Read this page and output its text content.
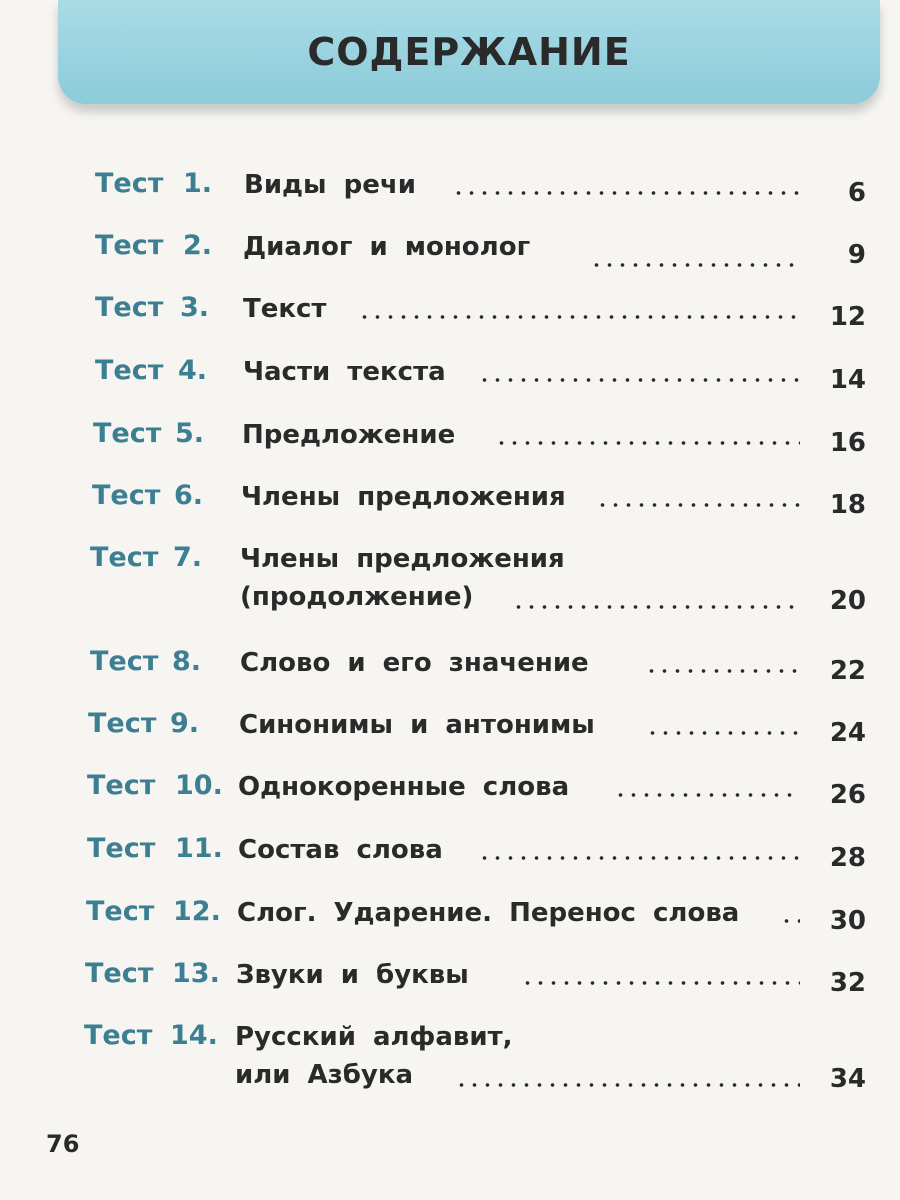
СОДЕРЖАНИЕ
Тест 1. Виды речи	6
Тест 2. Диалог и монолог	9
Тест 3. Текст	12
Тест 4. Части текста	14
Тест 5. Предложение	16
Тест 6. Члены предложения	18
Тест 7. Члены предложения
(продолжение)	20
Тест 8. Слово и его значение	22
Тест 9. Синонимы и антонимы	24
Тест 10. Однокоренные слова	26
Тест 11. Состав слова	28
Тест 12. Слог. Ударение. Перенос слова	30
Тест 13. Звуки и буквы	32
Тест 14. Русский алфавит,
или Азбука	34
76
